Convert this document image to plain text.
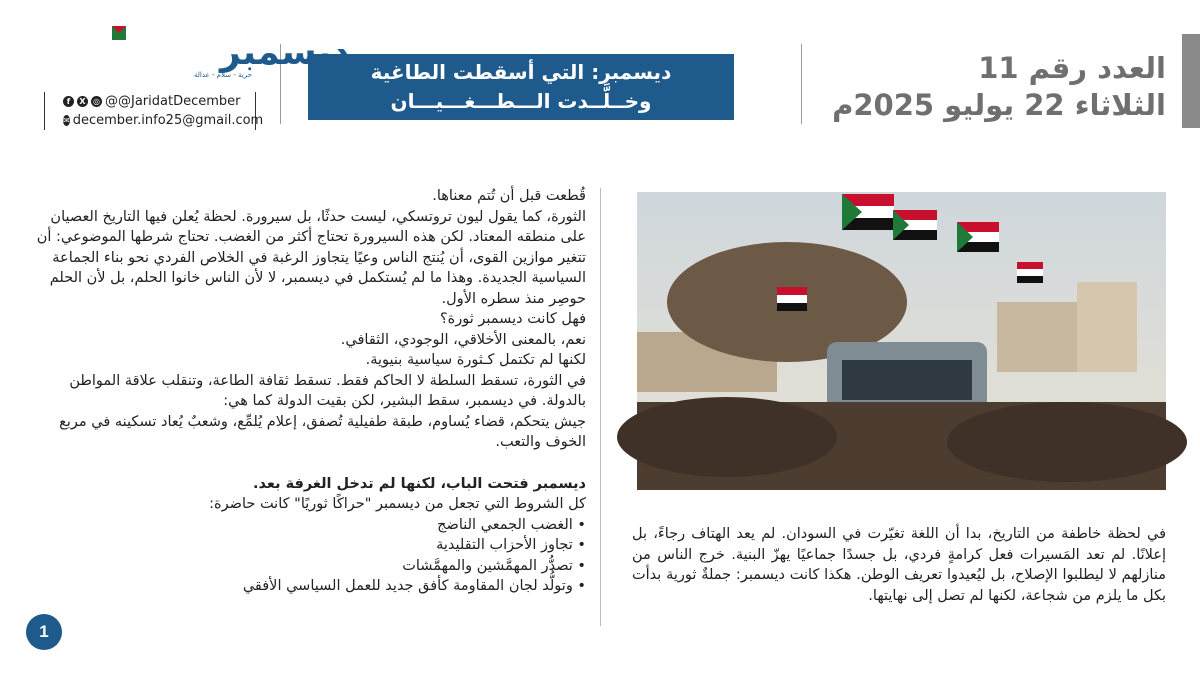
العدد رقم 11
الثلاثاء 22 يوليو 2025م
ديسمبر: التي أسقطت الطاغية
وخــلَّــدت الـــطـــغـــيـــان
ديسمبر
حرية - سلام - عدالة
f	X ◎ @@JaridatDecember
✉ december.info25@gmail.com

في لحظة خاطفة من التاريخ، بدا أن اللغة تغيّرت في السودان. لم يعد الهتاف رجاءً، بل إعلانًا. لم تعد المَسيرات فعل كرامةٍ فردي، بل جسدًا جماعيًا يهزّ البنية. خرج الناس من منازلهم لا ليطلبوا الإصلاح، بل ليُعيدوا تعريف الوطن. هكذا كانت ديسمبر: جملةٌ ثورية بدأت بكل ما يلزم من شجاعة، لكنها لم تصل إلى نهايتها.

قُطعت قبل أن تُتم معناها.

الثورة، كما يقول ليون تروتسكي، ليست حدثًا، بل سيرورة. لحظة يُعلن فيها التاريخ العصيان على منطقه المعتاد. لكن هذه السيرورة تحتاج أكثر من الغضب. تحتاج شرطها الموضوعي: أن تتغير موازين القوى، أن يُنتج الناس وعيًا يتجاوز الرغبة في الخلاص الفردي نحو بناء الجماعة السياسية الجديدة. وهذا ما لم يُستكمل في ديسمبر، لا لأن الناس خانوا الحلم، بل لأن الحلم حوصِر منذ سطره الأول.

فهل كانت ديسمبر ثورة؟

نعم، بالمعنى الأخلاقي، الوجودي، الثقافي.

لكنها لم تكتمل كـثورة سياسية بنيوية.

في الثورة، تسقط السلطة لا الحاكم فقط. تسقط ثقافة الطاعة، وتنقلب علاقة المواطن بالدولة. في ديسمبر، سقط البشير، لكن بقيت الدولة كما هي:

جيش يتحكم، قضاء يُساوم، طبقة طفيلية تُصفق، إعلام يُلمِّع، وشعبٌ يُعاد تسكينه في مربع الخوف والتعب.

ديسمبر فتحت الباب، لكنها لم تدخل الغرفة بعد.

كل الشروط التي تجعل من ديسمبر "حراكًا ثوريًا" كانت حاضرة:

• الغضب الجمعي الناضج
• تجاوز الأحزاب التقليدية
• تصدُّر المهمَّشين والمهمَّشات
• وتولُّد لجان المقاومة كأفق جديد للعمل السياسي الأفقي
1
